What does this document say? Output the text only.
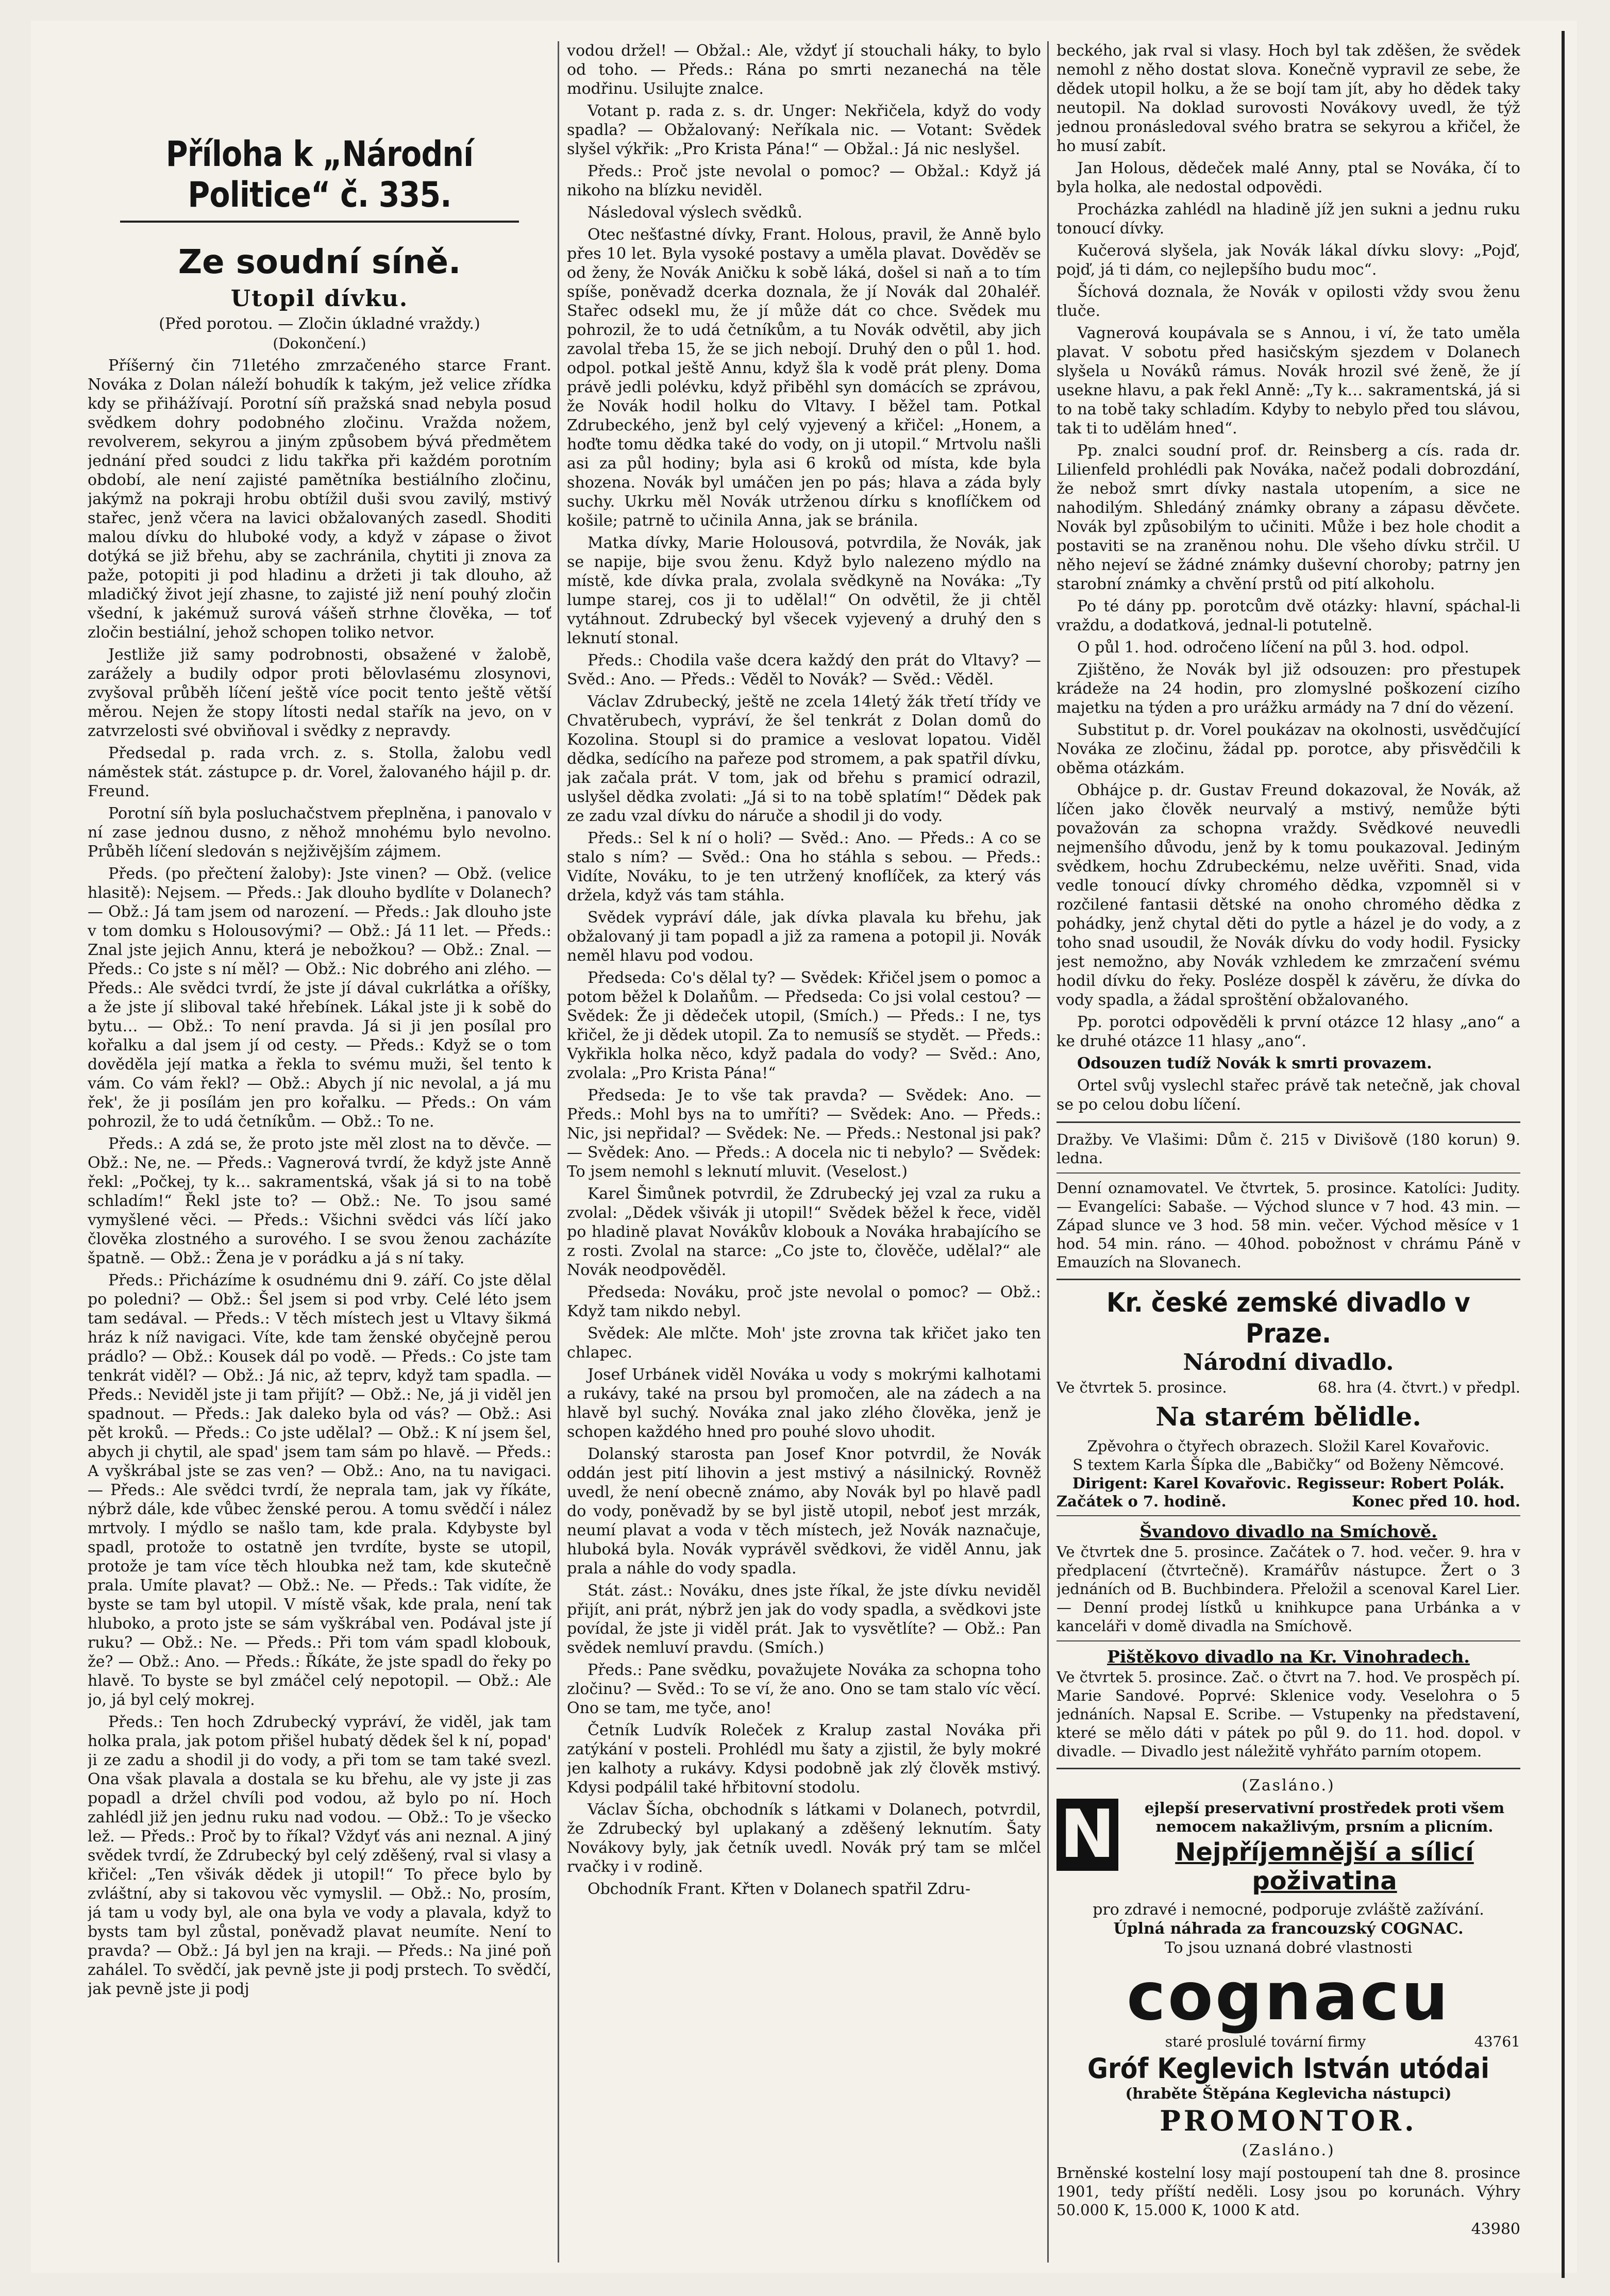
Příloha k „Národní Politice“ č. 335.
Ze soudní síně.
Utopil dívku.
(Před porotou. — Zločin úkladné vraždy.)
(Dokončení.)

Příšerný čin 71letého zmrzačeného starce Frant. Nováka z Dolan náleží bohudík k takým, jež velice zřídka kdy se přihážívají. Porotní síň pražská snad nebyla posud svědkem dohry podobného zločinu. Vražda nožem, revolverem, sekyrou a jiným způsobem bývá předmětem jednání před soudci z lidu takřka při každém porotním období, ale není zajisté pamětníka bestiálního zločinu, jakýmž na pokraji hrobu obtížil duši svou zavilý, mstivý stařec, jenž včera na lavici obžalovaných zasedl. Shoditi malou dívku do hluboké vody, a když v zápase o život dotýká se již břehu, aby se zachránila, chytiti ji znova za paže, potopiti ji pod hladinu a držeti ji tak dlouho, až mladičký život její zhasne, to zajisté již není pouhý zločin všední, k jakémuž surová vášeň strhne člověka, — toť zločin bestiální, jehož schopen toliko netvor.

Jestliže již samy podrobnosti, obsažené v žalobě, zarážely a budily odpor proti bělovlasému zlosynovi, zvyšoval průběh líčení ještě více pocit tento ještě větší měrou. Nejen že stopy lítosti nedal stařík na jevo, on v zatvrzelosti své obviňoval i svědky z nepravdy.

Předsedal p. rada vrch. z. s. Stolla, žalobu vedl náměstek stát. zástupce p. dr. Vorel, žalovaného hájil p. dr. Freund.

Porotní síň byla posluchačstvem přeplněna, i panovalo v ní zase jednou dusno, z něhož mnohému bylo nevolno. Průběh líčení sledován s nejživějším zájmem.

Předs. (po přečtení žaloby): Jste vinen? — Obž. (velice hlasitě): Nejsem. — Předs.: Jak dlouho bydlíte v Dolanech? — Obž.: Já tam jsem od narození. — Předs.: Jak dlouho jste v tom domku s Holousovými? — Obž.: Já 11 let. — Předs.: Znal jste jejich Annu, která je nebožkou? — Obž.: Znal. — Předs.: Co jste s ní měl? — Obž.: Nic dobrého ani zlého. — Předs.: Ale svědci tvrdí, že jste jí dával cukrlátka a oříšky, a že jste jí sliboval také hřebínek. Lákal jste ji k sobě do bytu… — Obž.: To není pravda. Já si ji jen posílal pro kořalku a dal jsem jí od cesty. — Předs.: Když se o tom dověděla její matka a řekla to svému muži, šel tento k vám. Co vám řekl? — Obž.: Abych jí nic nevolal, a já mu řek', že ji posílám jen pro kořalku. — Předs.: On vám pohrozil, že to udá četníkům. — Obž.: To ne.

Předs.: A zdá se, že proto jste měl zlost na to děvče. — Obž.: Ne, ne. — Předs.: Vagnerová tvrdí, že když jste Anně řekl: „Počkej, ty k… sakramentská, však já si to na tobě schladím!“ Řekl jste to? — Obž.: Ne. To jsou samé vymyšlené věci. — Předs.: Všichni svědci vás líčí jako člověka zlostného a surového. I se svou ženou zacházíte špatně. — Obž.: Žena je v porádku a já s ní taky.

Předs.: Přicházíme k osudnému dni 9. září. Co jste dělal po poledni? — Obž.: Šel jsem si pod vrby. Celé léto jsem tam sedával. — Předs.: V těch místech jest u Vltavy šikmá hráz k níž navigaci. Víte, kde tam ženské obyčejně perou prádlo? — Obž.: Kousek dál po vodě. — Předs.: Co jste tam tenkrát viděl? — Obž.: Já nic, až teprv, když tam spadla. — Předs.: Neviděl jste ji tam přijít? — Obž.: Ne, já ji viděl jen spadnout. — Předs.: Jak daleko byla od vás? — Obž.: Asi pět kroků. — Předs.: Co jste udělal? — Obž.: K ní jsem šel, abych ji chytil, ale spad' jsem tam sám po hlavě. — Předs.: A vyškrábal jste se zas ven? — Obž.: Ano, na tu navigaci. — Předs.: Ale svědci tvrdí, že neprala tam, jak vy říkáte, nýbrž dále, kde vůbec ženské perou. A tomu svědčí i nález mrtvoly. I mýdlo se našlo tam, kde prala. Kdybyste byl spadl, protože to ostatně jen tvrdíte, byste se utopil, protože je tam více těch hloubka než tam, kde skutečně prala. Umíte plavat? — Obž.: Ne. — Předs.: Tak vidíte, že byste se tam byl utopil. V místě však, kde prala, není tak hluboko, a proto jste se sám vyškrábal ven. Podával jste jí ruku? — Obž.: Ne. — Předs.: Při tom vám spadl klobouk, že? — Obž.: Ano. — Předs.: Říkáte, že jste spadl do řeky po hlavě. To byste se byl zmáčel celý nepotopil. — Obž.: Ale jo, já byl celý mokrej.

Předs.: Ten hoch Zdrubecký vypráví, že viděl, jak tam holka prala, jak potom přišel hubatý dědek šel k ní, popad' ji ze zadu a shodil ji do vody, a při tom se tam také svezl. Ona však plavala a dostala se ku břehu, ale vy jste ji zas popadl a držel chvíli pod vodou, až bylo po ní. Hoch zahlédl již jen jednu ruku nad vodou. — Obž.: To je všecko lež. — Předs.: Proč by to říkal? Vždyť vás ani neznal. A jiný svědek tvrdí, že Zdrubecký byl celý zděšený, rval si vlasy a křičel: „Ten všivák dědek ji utopil!“ To přece bylo by zvláštní, aby si takovou věc vymyslil. — Obž.: No, prosím, já tam u vody byl, ale ona byla ve vody a plavala, když to bysts tam byl zůstal, poněvadž plavat neumíte. Není to pravda? — Obž.: Já byl jen na kraji. — Předs.: Na jiné poň zahálel. To svědčí, jak pevně jste ji podj prstech. To svědčí, jak pevně jste ji podj

vodou držel! — Obžal.: Ale, vždyť jí stouchali háky, to bylo od toho. — Předs.: Rána po smrti nezanechá na těle modřinu. Usilujte znalce.

Votant p. rada z. s. dr. Unger: Nekřičela, když do vody spadla? — Obžalovaný: Neříkala nic. — Votant: Svědek slyšel výkřik: „Pro Krista Pána!“ — Obžal.: Já nic neslyšel.

Předs.: Proč jste nevolal o pomoc? — Obžal.: Když já nikoho na blízku neviděl.

Následoval výslech svědků.

Otec nešťastné dívky, Frant. Holous, pravil, že Anně bylo přes 10 let. Byla vysoké postavy a uměla plavat. Dověděv se od ženy, že Novák Aničku k sobě láká, došel si naň a to tím spíše, poněvadž dcerka doznala, že jí Novák dal 20haléř. Stařec odsekl mu, že jí může dát co chce. Svědek mu pohrozil, že to udá četníkům, a tu Novák odvětil, aby jich zavolal třeba 15, že se jich nebojí. Druhý den o půl 1. hod. odpol. potkal ještě Annu, když šla k vodě prát pleny. Doma právě jedli polévku, když přiběhl syn domácích se zprávou, že Novák hodil holku do Vltavy. I běžel tam. Potkal Zdrubeckého, jenž byl celý vyjevený a křičel: „Honem, a hoďte tomu dědka také do vody, on ji utopil.“ Mrtvolu našli asi za půl hodiny; byla asi 6 kroků od místa, kde byla shozena. Novák byl umáčen jen po pás; hlava a záda byly suchy. Ukrku měl Novák utrženou dírku s knoflíčkem od košile; patrně to učinila Anna, jak se bránila.

Matka dívky, Marie Holousová, potvrdila, že Novák, jak se napije, bije svou ženu. Když bylo nalezeno mýdlo na místě, kde dívka prala, zvolala svědkyně na Nováka: „Ty lumpe starej, cos ji to udělal!“ On odvětil, že ji chtěl vytáhnout. Zdrubecký byl všecek vyjevený a druhý den s leknutí stonal.

Předs.: Chodila vaše dcera každý den prát do Vltavy? — Svěd.: Ano. — Předs.: Věděl to Novák? — Svěd.: Věděl.

Václav Zdrubecký, ještě ne zcela 14letý žák třetí třídy ve Chvatěrubech, vypráví, že šel tenkrát z Dolan domů do Kozolina. Stoupl si do pramice a veslovat lopatou. Viděl dědka, sedícího na pařeze pod stromem, a pak spatřil dívku, jak začala prát. V tom, jak od břehu s pramicí odrazil, uslyšel dědka zvolati: „Já si to na tobě splatím!“ Dědek pak ze zadu vzal dívku do náruče a shodil ji do vody.

Předs.: Sel k ní o holi? — Svěd.: Ano. — Předs.: A co se stalo s ním? — Svěd.: Ona ho stáhla s sebou. — Předs.: Vidíte, Nováku, to je ten utržený knoflíček, za který vás držela, když vás tam stáhla.

Svědek vypráví dále, jak dívka plavala ku břehu, jak obžalovaný ji tam popadl a již za ramena a potopil ji. Novák neměl hlavu pod vodou.

Předseda: Co's dělal ty? — Svědek: Křičel jsem o pomoc a potom běžel k Dolaňům. — Předseda: Co jsi volal cestou? — Svědek: Že ji dědeček utopil, (Smích.) — Předs.: I ne, tys křičel, že ji dědek utopil. Za to nemusíš se stydět. — Předs.: Vykřikla holka něco, když padala do vody? — Svěd.: Ano, zvolala: „Pro Krista Pána!“

Předseda: Je to vše tak pravda? — Svědek: Ano. — Předs.: Mohl bys na to umříti? — Svědek: Ano. — Předs.: Nic, jsi nepřidal? — Svědek: Ne. — Předs.: Nestonal jsi pak? — Svědek: Ano. — Předs.: A docela nic ti nebylo? — Svědek: To jsem nemohl s leknutí mluvit. (Veselost.)

Karel Šimůnek potvrdil, že Zdrubecký jej vzal za ruku a zvolal: „Dědek všivák ji utopil!“ Svědek běžel k řece, viděl po hladině plavat Novákův klobouk a Nováka hrabajícího se z rosti. Zvolal na starce: „Co jste to, člověče, udělal?“ ale Novák neodpověděl.

Předseda: Nováku, proč jste nevolal o pomoc? — Obž.: Když tam nikdo nebyl.

Svědek: Ale mlčte. Moh' jste zrovna tak křičet jako ten chlapec.

Josef Urbánek viděl Nováka u vody s mokrými kalhotami a rukávy, také na prsou byl promočen, ale na zádech a na hlavě byl suchý. Nováka znal jako zlého člověka, jenž je schopen každého hned pro pouhé slovo uhodit.

Dolanský starosta pan Josef Knor potvrdil, že Novák oddán jest pití lihovin a jest mstivý a násilnický. Rovněž uvedl, že není obecně známo, aby Novák byl po hlavě padl do vody, poněvadž by se byl jistě utopil, neboť jest mrzák, neumí plavat a voda v těch místech, jež Novák naznačuje, hluboká byla. Novák vyprávěl svědkovi, že viděl Annu, jak prala a náhle do vody spadla.

Stát. zást.: Nováku, dnes jste říkal, že jste dívku neviděl přijít, ani prát, nýbrž jen jak do vody spadla, a svědkovi jste povídal, že jste ji viděl prát. Jak to vysvětlíte? — Obž.: Pan svědek nemluví pravdu. (Smích.)

Předs.: Pane svědku, považujete Nováka za schopna toho zločinu? — Svěd.: To se ví, že ano. Ono se tam stalo víc věcí. Ono se tam, me tyče, ano!

Četník Ludvík Roleček z Kralup zastal Nováka při zatýkání v posteli. Prohlédl mu šaty a zjistil, že byly mokré jen kalhoty a rukávy. Kdysi podobně jak zlý člověk mstivý. Kdysi podpálil také hřbitovní stodolu.

Václav Šícha, obchodník s látkami v Dolanech, potvrdil, že Zdrubecký byl uplakaný a zděšený leknutím. Šaty Novákovy byly, jak četník uvedl. Novák prý tam se mlčel rvačky i v rodině.

Obchodník Frant. Křten v Dolanech spatřil Zdru-

beckého, jak rval si vlasy. Hoch byl tak zděšen, že svědek nemohl z něho dostat slova. Konečně vypravil ze sebe, že dědek utopil holku, a že se bojí tam jít, aby ho dědek taky neutopil. Na doklad surovosti Novákovy uvedl, že týž jednou pronásledoval svého bratra se sekyrou a křičel, že ho musí zabít.

Jan Holous, dědeček malé Anny, ptal se Nováka, čí to byla holka, ale nedostal odpovědi.

Procházka zahlédl na hladině jíž jen sukni a jednu ruku tonoucí dívky.

Kučerová slyšela, jak Novák lákal dívku slovy: „Pojď, pojď, já ti dám, co nejlepšího budu moc“.

Šíchová doznala, že Novák v opilosti vždy svou ženu tluče.

Vagnerová koupávala se s Annou, i ví, že tato uměla plavat. V sobotu před hasičským sjezdem v Dolanech slyšela u Nováků rámus. Novák hrozil své ženě, že jí usekne hlavu, a pak řekl Anně: „Ty k… sakramentská, já si to na tobě taky schladím. Kdyby to nebylo před tou slávou, tak ti to udělám hned“.

Pp. znalci soudní prof. dr. Reinsberg a cís. rada dr. Lilienfeld prohlédli pak Nováka, načež podali dobrozdání, že nebož smrt dívky nastala utopením, a sice ne nahodilým. Shledáný známky obrany a zápasu děvčete. Novák byl způsobilým to učiniti. Může i bez hole chodit a postaviti se na zraněnou nohu. Dle všeho dívku strčil. U něho nejeví se žádné známky duševní choroby; patrny jen starobní známky a chvění prstů od pití alkoholu.

Po té dány pp. porotcům dvě otázky: hlavní, spáchal-li vraždu, a dodatková, jednal-li potutelně.

O půl 1. hod. odročeno líčení na půl 3. hod. odpol.

Zjištěno, že Novák byl již odsouzen: pro přestupek krádeže na 24 hodin, pro zlomyslné poškození cizího majetku na týden a pro urážku armády na 7 dní do vězení.

Substitut p. dr. Vorel poukázav na okolnosti, usvědčující Nováka ze zločinu, žádal pp. porotce, aby přisvědčili k oběma otázkám.

Obhájce p. dr. Gustav Freund dokazoval, že Novák, až líčen jako člověk neurvalý a mstivý, nemůže býti považován za schopna vraždy. Svědkové neuvedli nejmenšího důvodu, jenž by k tomu poukazoval. Jediným svědkem, hochu Zdrubeckému, nelze uvěřiti. Snad, vida vedle tonoucí dívky chromého dědka, vzpomněl si v rozčilené fantasii dětské na onoho chromého dědka z pohádky, jenž chytal děti do pytle a házel je do vody, a z toho snad usoudil, že Novák dívku do vody hodil. Fysicky jest nemožno, aby Novák vzhledem ke zmrzačení svému hodil dívku do řeky. Posléze dospěl k závěru, že dívka do vody spadla, a žádal sproštění obžalovaného.

Pp. porotci odpověděli k první otázce 12 hlasy „ano“ a ke druhé otázce 11 hlasy „ano“.

Odsouzen tudíž Novák k smrti provazem.

Ortel svůj vyslechl stařec právě tak netečně, jak choval se po celou dobu líčení.

Dražby. Ve Vlašimi: Dům č. 215 v Divišově (180 korun) 9. ledna.

Denní oznamovatel. Ve čtvrtek, 5. prosince. Katolíci: Judity. — Evangelíci: Sabaše. — Východ slunce v 7 hod. 43 min. — Západ slunce ve 3 hod. 58 min. večer. Východ měsíce v 1 hod. 54 min. ráno. — 40hod. pobožnost v chrámu Páně v Emauzích na Slovanech.

Kr. české zemské divadlo v Praze.
Národní divadlo.
Ve čtvrtek 5. prosince.	68. hra (4. čtvrt.) v předpl.
Na starém bělidle.
Zpěvohra o čtyřech obrazech. Složil Karel Kovařovic.
S textem Karla Šípka dle „Babičky“ od Boženy Němcové.
Dirigent: Karel Kovařovic. Regisseur: Robert Polák.
Začátek o 7. hodině.	Konec před 10. hod.
Švandovo divadlo na Smíchově.

Ve čtvrtek dne 5. prosince. Začátek o 7. hod. večer. 9. hra v předplacení (čtvrtečně). Kramářův nástupce. Žert o 3 jednáních od B. Buchbindera. Přeložil a scenoval Karel Lier. — Denní prodej lístků u knihkupce pana Urbánka a v kanceláři v domě divadla na Smíchově.

Pištěkovo divadlo na Kr. Vinohradech.

Ve čtvrtek 5. prosince. Zač. o čtvrt na 7. hod. Ve prospěch pí. Marie Sandové. Poprvé: Sklenice vody. Veselohra o 5 jednáních. Napsal E. Scribe. — Vstupenky na představení, které se mělo dáti v pátek po půl 9. do 11. hod. dopol. v divadle. — Divadlo jest náležitě vyhřáto parním otopem.

(Zasláno.)
N	ejlepší preservativní prostředek proti všem nemocem nakažlivým, prsním a plicním.
Nejpříjemnější a sílicí poživatina
pro zdravé i nemocné, podporuje zvláště zažívání.
Úplná náhrada za francouzský COGNAC.
To jsou uznaná dobré vlastnosti
cognacu
staré proslulé tovární firmy	43761
Gróf Keglevich István utódai
(hraběte Štěpána Keglevicha nástupci)
PROMONTOR.
(Zasláno.)

Brněnské kostelní losy mají postoupení tah dne 8. prosince 1901, tedy příští neděli. Losy jsou po korunách. Výhry 50.000 K, 15.000 K, 1000 K atd.

43980
